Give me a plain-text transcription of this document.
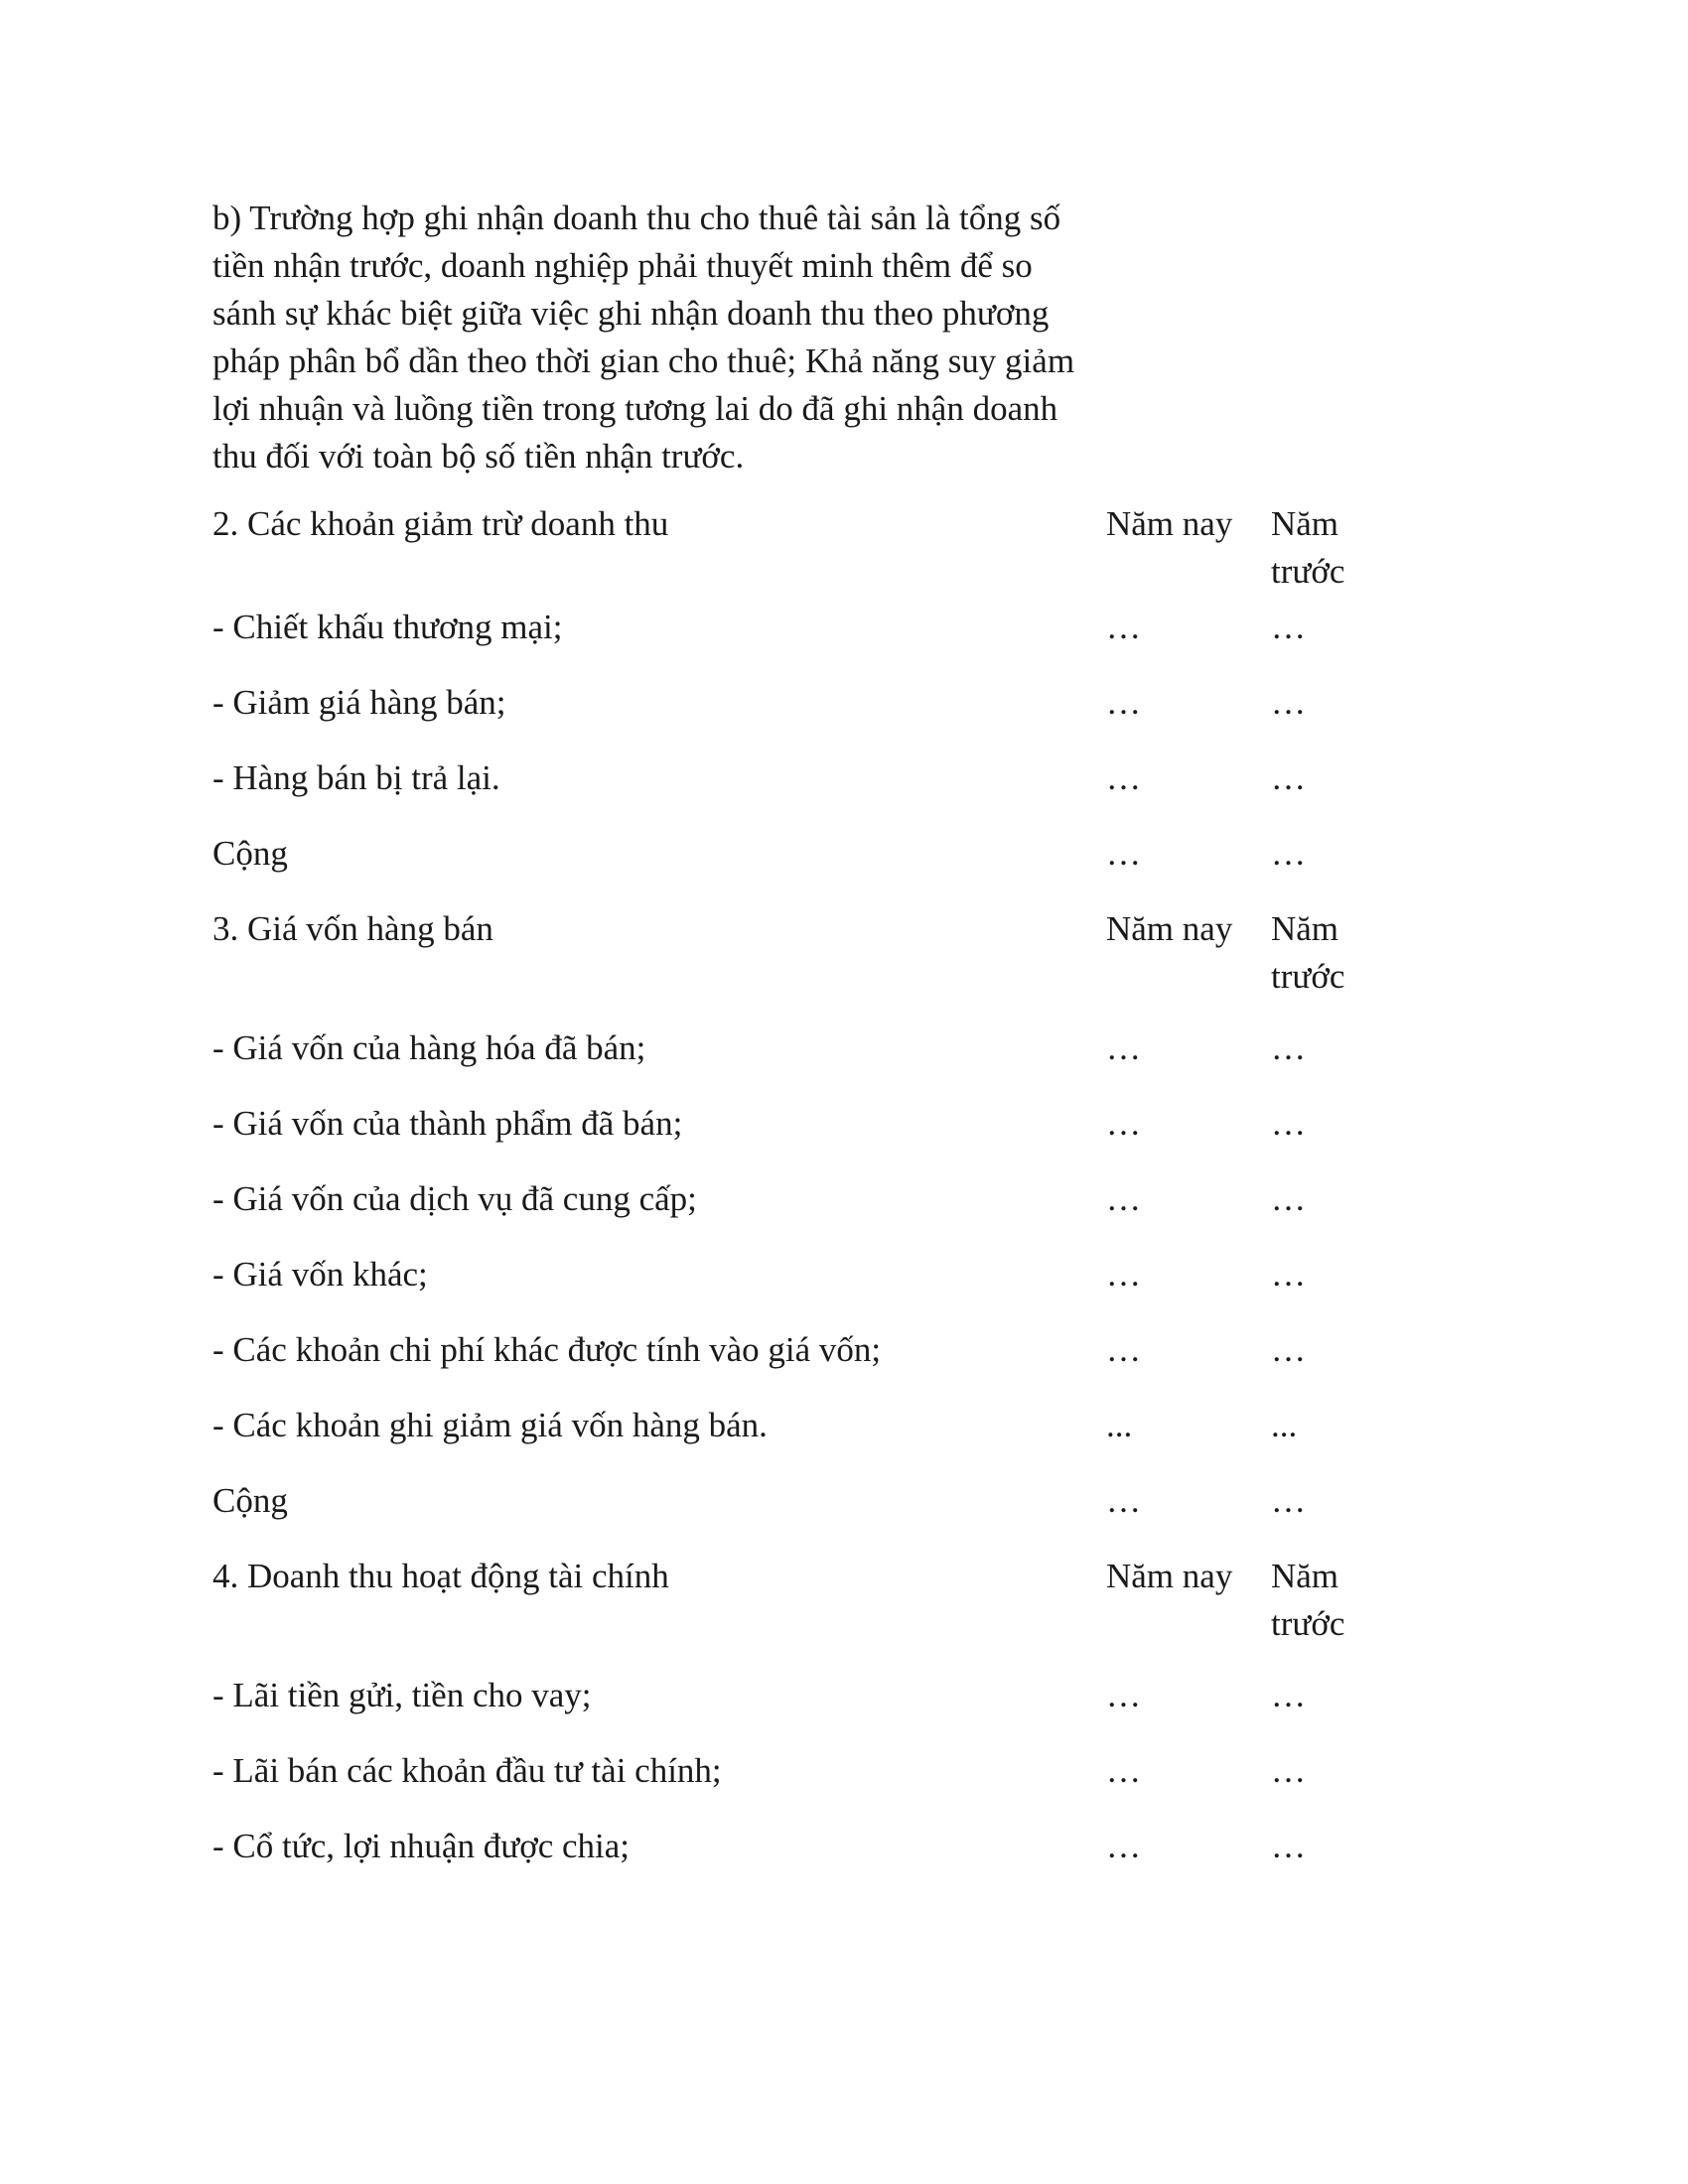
b) Trường hợp ghi nhận doanh thu cho thuê tài sản là tổng số tiền nhận trước, doanh nghiệp phải thuyết minh thêm để so sánh sự khác biệt giữa việc ghi nhận doanh thu theo phương pháp phân bổ dần theo thời gian cho thuê; Khả năng suy giảm lợi nhuận và luồng tiền trong tương lai do đã ghi nhận doanh thu đối với toàn bộ số tiền nhận trước.

2. Các khoản giảm trừ doanh thu	Năm nay	Năm trước
- Chiết khấu thương mại;	…	…
- Giảm giá hàng bán;	…	…
- Hàng bán bị trả lại.	…	…
Cộng	…	…
3. Giá vốn hàng bán	Năm nay	Năm trước
- Giá vốn của hàng hóa đã bán;	…	…
- Giá vốn của thành phẩm đã bán;	…	…
- Giá vốn của dịch vụ đã cung cấp;	…	…
- Giá vốn khác;	…	…
- Các khoản chi phí khác được tính vào giá vốn;	…	…
- Các khoản ghi giảm giá vốn hàng bán.	...	...
Cộng	…	…
4. Doanh thu hoạt động tài chính	Năm nay	Năm trước
- Lãi tiền gửi, tiền cho vay;	…	…
- Lãi bán các khoản đầu tư tài chính;	…	…
- Cổ tức, lợi nhuận được chia;	…	…
